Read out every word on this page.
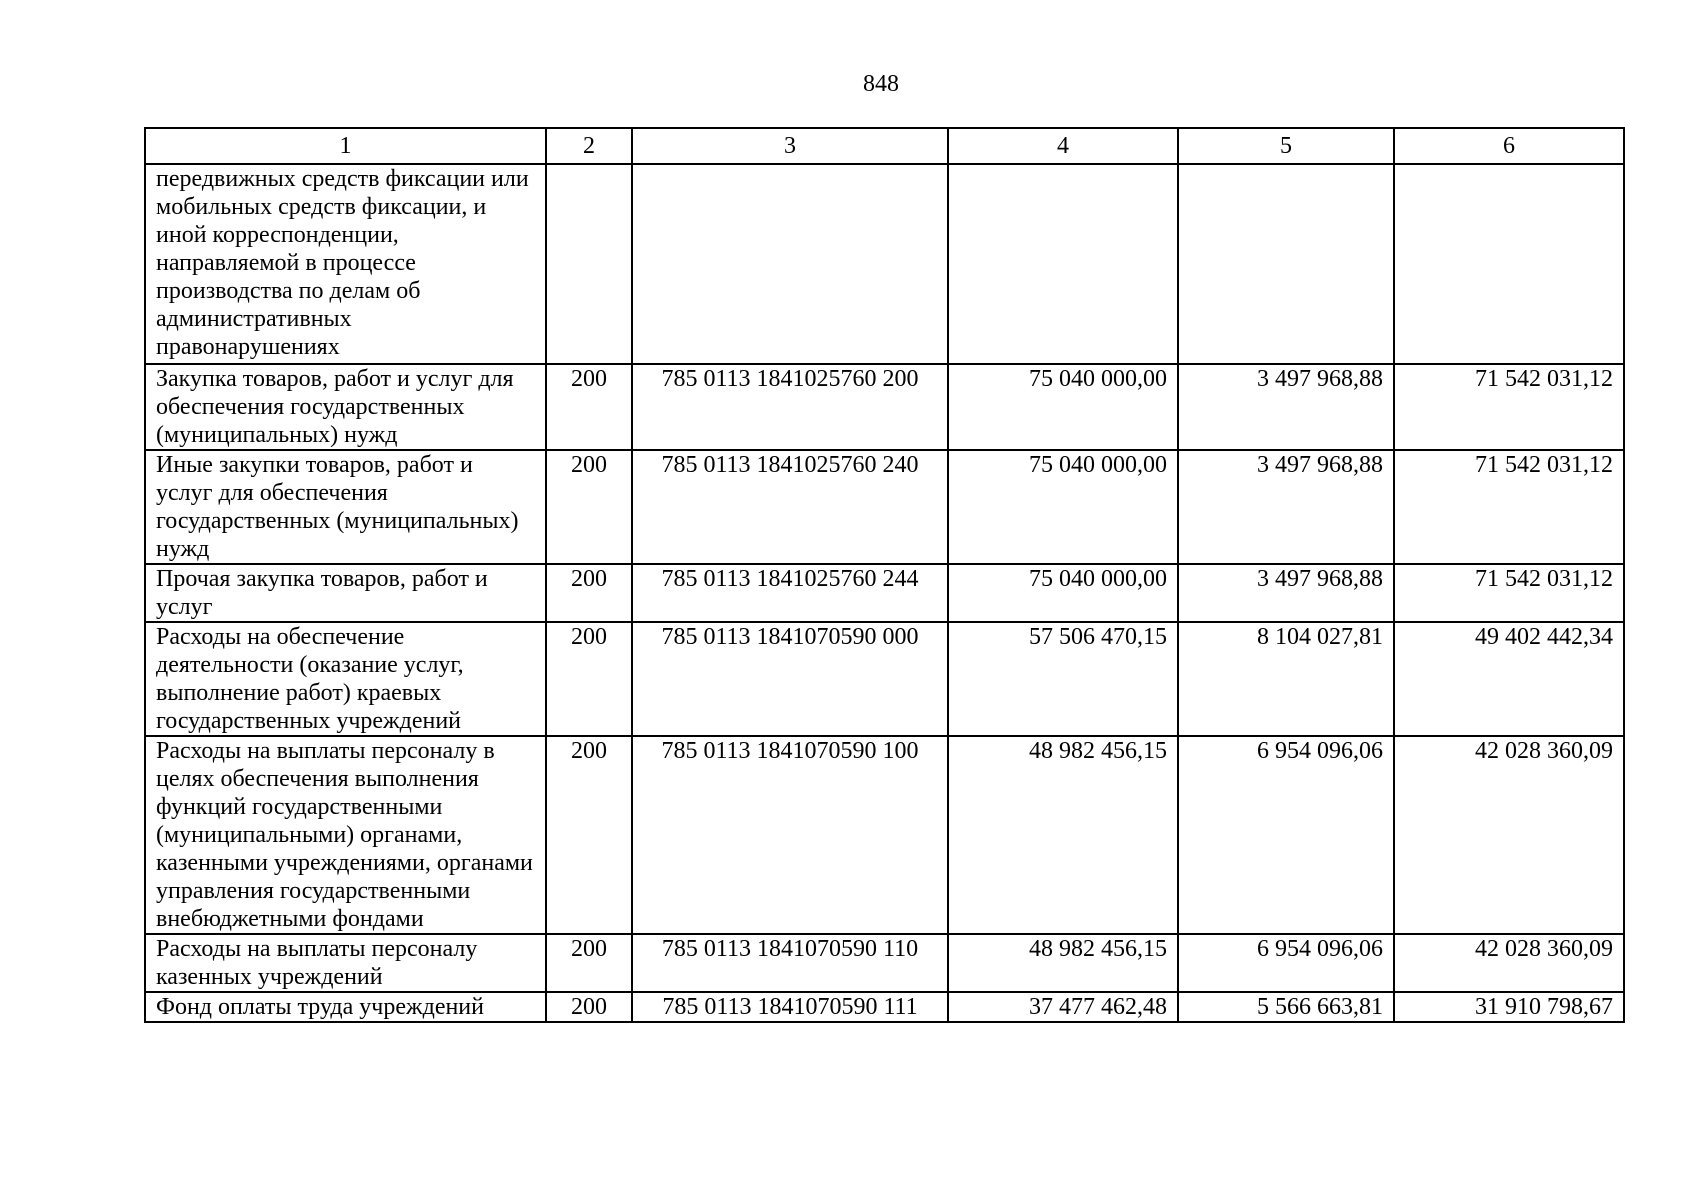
848
1	2	3	4	5	6
передвижных средств фиксации или мобильных средств фиксации, и иной корреспонденции, направляемой в процессе производства по делам об административных правонарушениях					
Закупка товаров, работ и услуг для обеспечения государственных (муниципальных) нужд	200	785 0113 1841025760 200	75 040 000,00	3 497 968,88	71 542 031,12
Иные закупки товаров, работ и услуг для обеспечения государственных (муниципальных) нужд	200	785 0113 1841025760 240	75 040 000,00	3 497 968,88	71 542 031,12
Прочая закупка товаров, работ и услуг	200	785 0113 1841025760 244	75 040 000,00	3 497 968,88	71 542 031,12
Расходы на обеспечение деятельности (оказание услуг, выполнение работ) краевых государственных учреждений	200	785 0113 1841070590 000	57 506 470,15	8 104 027,81	49 402 442,34
Расходы на выплаты персоналу в целях обеспечения выполнения функций государственными (муниципальными) органами, казенными учреждениями, органами управления государственными внебюджетными фондами	200	785 0113 1841070590 100	48 982 456,15	6 954 096,06	42 028 360,09
Расходы на выплаты персоналу казенных учреждений	200	785 0113 1841070590 110	48 982 456,15	6 954 096,06	42 028 360,09
Фонд оплаты труда учреждений	200	785 0113 1841070590 111	37 477 462,48	5 566 663,81	31 910 798,67
